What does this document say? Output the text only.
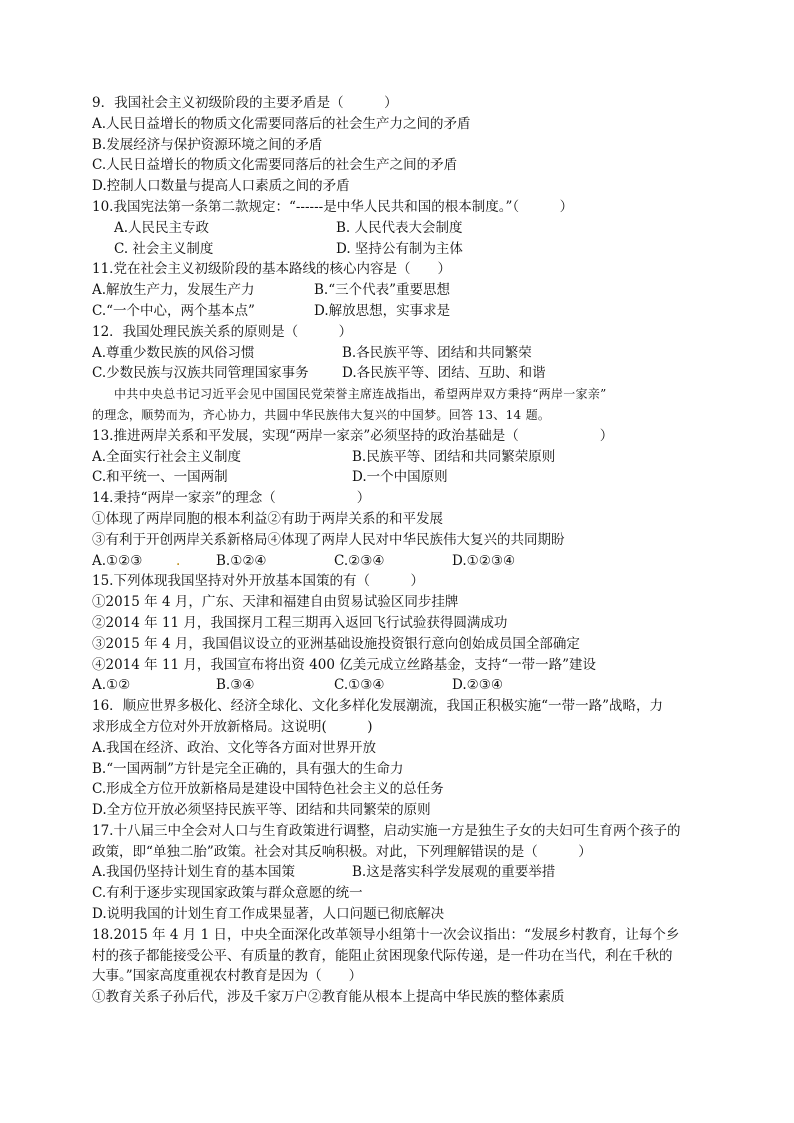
9．我国社会主义初级阶段的主要矛盾是（　　　）
A.人民日益增长的物质文化需要同落后的社会生产力之间的矛盾
B.发展经济与保护资源环境之间的矛盾
C.人民日益增长的物质文化需要同落后的社会生产之间的矛盾
D.控制人口数量与提高人口素质之间的矛盾
10.我国宪法第一条第二款规定：“------是中华人民共和国的根本制度。”（　　　）
A.人民民主专政	B. 人民代表大会制度
C. 社会主义制度	D. 坚持公有制为主体
11.党在社会主义初级阶段的基本路线的核心内容是（　　）
A.解放生产力，发展生产力	B.“三个代表”重要思想
C.“一个中心，两个基本点”	D.解放思想，实事求是
12．我国处理民族关系的原则是（　　　）
A.尊重少数民族的风俗习惯	B.各民族平等、团结和共同繁荣
C.少数民族与汉族共同管理国家事务	D.各民族平等、团结、互助、和谐
中共中央总书记习近平会见中国国民党荣誉主席连战指出，希望两岸双方秉持“两岸一家亲”
的理念，顺势而为，齐心协力，共圆中华民族伟大复兴的中国梦。回答 13、14 题。
13.推进两岸关系和平发展，实现“两岸一家亲”必须坚持的政治基础是（　　　　　　）
A.全面实行社会主义制度	B.民族平等、团结和共同繁荣原则
C.和平统一、一国两制	D.一个中国原则
14.秉持“两岸一家亲”的理念（　　　　　　）
①体现了两岸同胞的根本利益②有助于两岸关系的和平发展
③有利于开创两岸关系新格局④体现了两岸人民对中华民族伟大复兴的共同期盼
A.①②③	.	B.①②④	C.②③④	D.①②③④
15.下列体现我国坚持对外开放基本国策的有（　　　）
①2015 年 4 月，广东、天津和福建自由贸易试验区同步挂牌
②2014 年 11 月，我国探月工程三期再入返回飞行试验获得圆满成功
③2015 年 4 月，我国倡议设立的亚洲基础设施投资银行意向创始成员国全部确定
④2014 年 11 月，我国宣布将出资 400 亿美元成立丝路基金，支持“一带一路”建设
A.①②	B.③④	C.①③④	D.②③④
16．顺应世界多极化、经济全球化、文化多样化发展潮流，我国正积极实施“一带一路”战略，力
求形成全方位对外开放新格局。这说明(　　　)
A.我国在经济、政治、文化等各方面对世界开放
B.“一国两制”方针是完全正确的，具有强大的生命力
C.形成全方位开放新格局是建设中国特色社会主义的总任务
D.全方位开放必须坚持民族平等、团结和共同繁荣的原则
17.十八届三中全会对人口与生育政策进行调整，启动实施一方是独生子女的夫妇可生育两个孩子的
政策，即“单独二胎”政策。社会对其反响积极。对此，下列理解错误的是（　　　）
A.我国仍坚持计划生育的基本国策	B.这是落实科学发展观的重要举措
C.有利于逐步实现国家政策与群众意愿的统一
D.说明我国的计划生育工作成果显著，人口问题已彻底解决
18.2015 年 4 月 1 日，中央全面深化改革领导小组第十一次会议指出：“发展乡村教育，让每个乡
村的孩子都能接受公平、有质量的教育，能阻止贫困现象代际传递，是一件功在当代，利在千秋的
大事。”国家高度重视农村教育是因为（　　）
①教育关系子孙后代，涉及千家万户②教育能从根本上提高中华民族的整体素质
